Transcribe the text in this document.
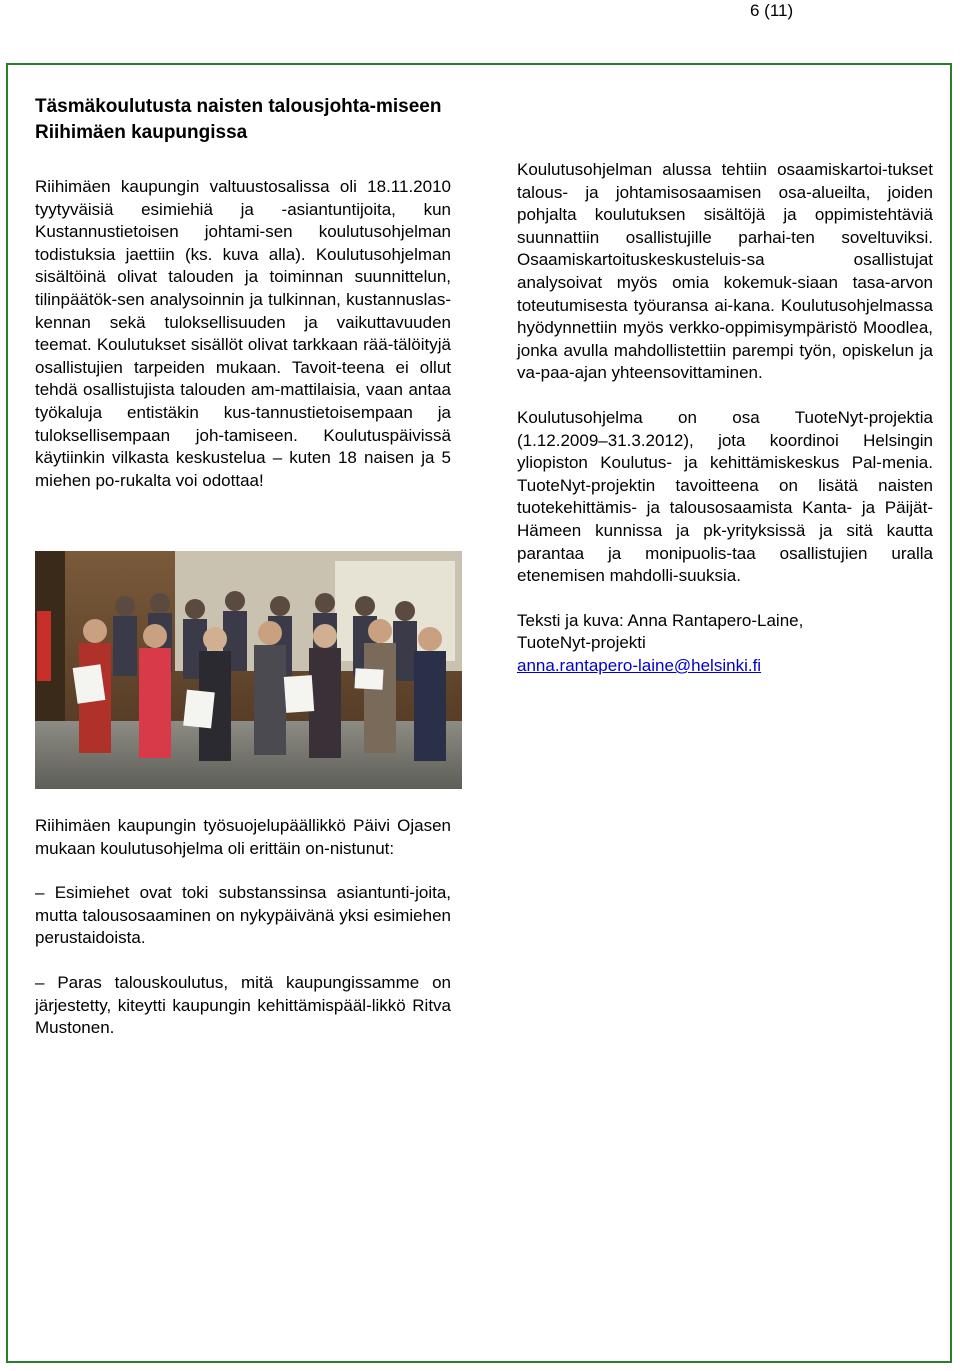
6 (11)
Täsmäkoulutusta naisten talousjohta-miseen Riihimäen kaupungissa

Riihimäen kaupungin valtuustosalissa oli 18.11.2010 tyytyväisiä esimiehiä ja -asiantuntijoita, kun Kustannustietoisen johtami-sen koulutusohjelman todistuksia jaettiin (ks. kuva alla). Koulutusohjelman sisältöinä olivat talouden ja toiminnan suunnittelun, tilinpäätök-sen analysoinnin ja tulkinnan, kustannuslas-kennan sekä tuloksellisuuden ja vaikuttavuuden teemat. Koulutukset sisällöt olivat tarkkaan rää-tälöityjä osallistujien tarpeiden mukaan. Tavoit-teena ei ollut tehdä osallistujista talouden am-mattilaisia, vaan antaa työkaluja entistäkin kus-tannustietoisempaan ja tuloksellisempaan joh-tamiseen. Koulutuspäivissä käytiinkin vilkasta keskustelua – kuten 18 naisen ja 5 miehen po-rukalta voi odottaa!

Koulutusohjelman alussa tehtiin osaamiskartoi-tukset talous- ja johtamisosaamisen osa-alueilta, joiden pohjalta koulutuksen sisältöjä ja oppimistehtäviä suunnattiin osallistujille parhai-ten soveltuviksi. Osaamiskartoituskeskusteluis-sa osallistujat analysoivat myös omia kokemuk-siaan tasa-arvon toteutumisesta työuransa ai-kana. Koulutusohjelmassa hyödynnettiin myös verkko-oppimisympäristö Moodlea, jonka avulla mahdollistettiin parempi työn, opiskelun ja va-paa-ajan yhteensovittaminen.

Koulutusohjelma on osa TuoteNyt-projektia (1.12.2009–31.3.2012), jota koordinoi Helsingin yliopiston Koulutus- ja kehittämiskeskus Pal-menia. TuoteNyt-projektin tavoitteena on lisätä naisten tuotekehittämis- ja talousosaamista Kanta- ja Päijät-Hämeen kunnissa ja pk-yrityksissä ja sitä kautta parantaa ja monipuolis-taa osallistujien uralla etenemisen mahdolli-suuksia.

Teksti ja kuva: Anna Rantapero-Laine,

TuoteNyt-projekti

anna.rantapero-laine@helsinki.fi

Riihimäen kaupungin työsuojelupäällikkö Päivi Ojasen mukaan koulutusohjelma oli erittäin on-nistunut:

– Esimiehet ovat toki substanssinsa asiantunti-joita, mutta talousosaaminen on nykypäivänä yksi esimiehen perustaidoista.

– Paras talouskoulutus, mitä kaupungissamme on järjestetty, kiteytti kaupungin kehittämispääl-likkö Ritva Mustonen.
